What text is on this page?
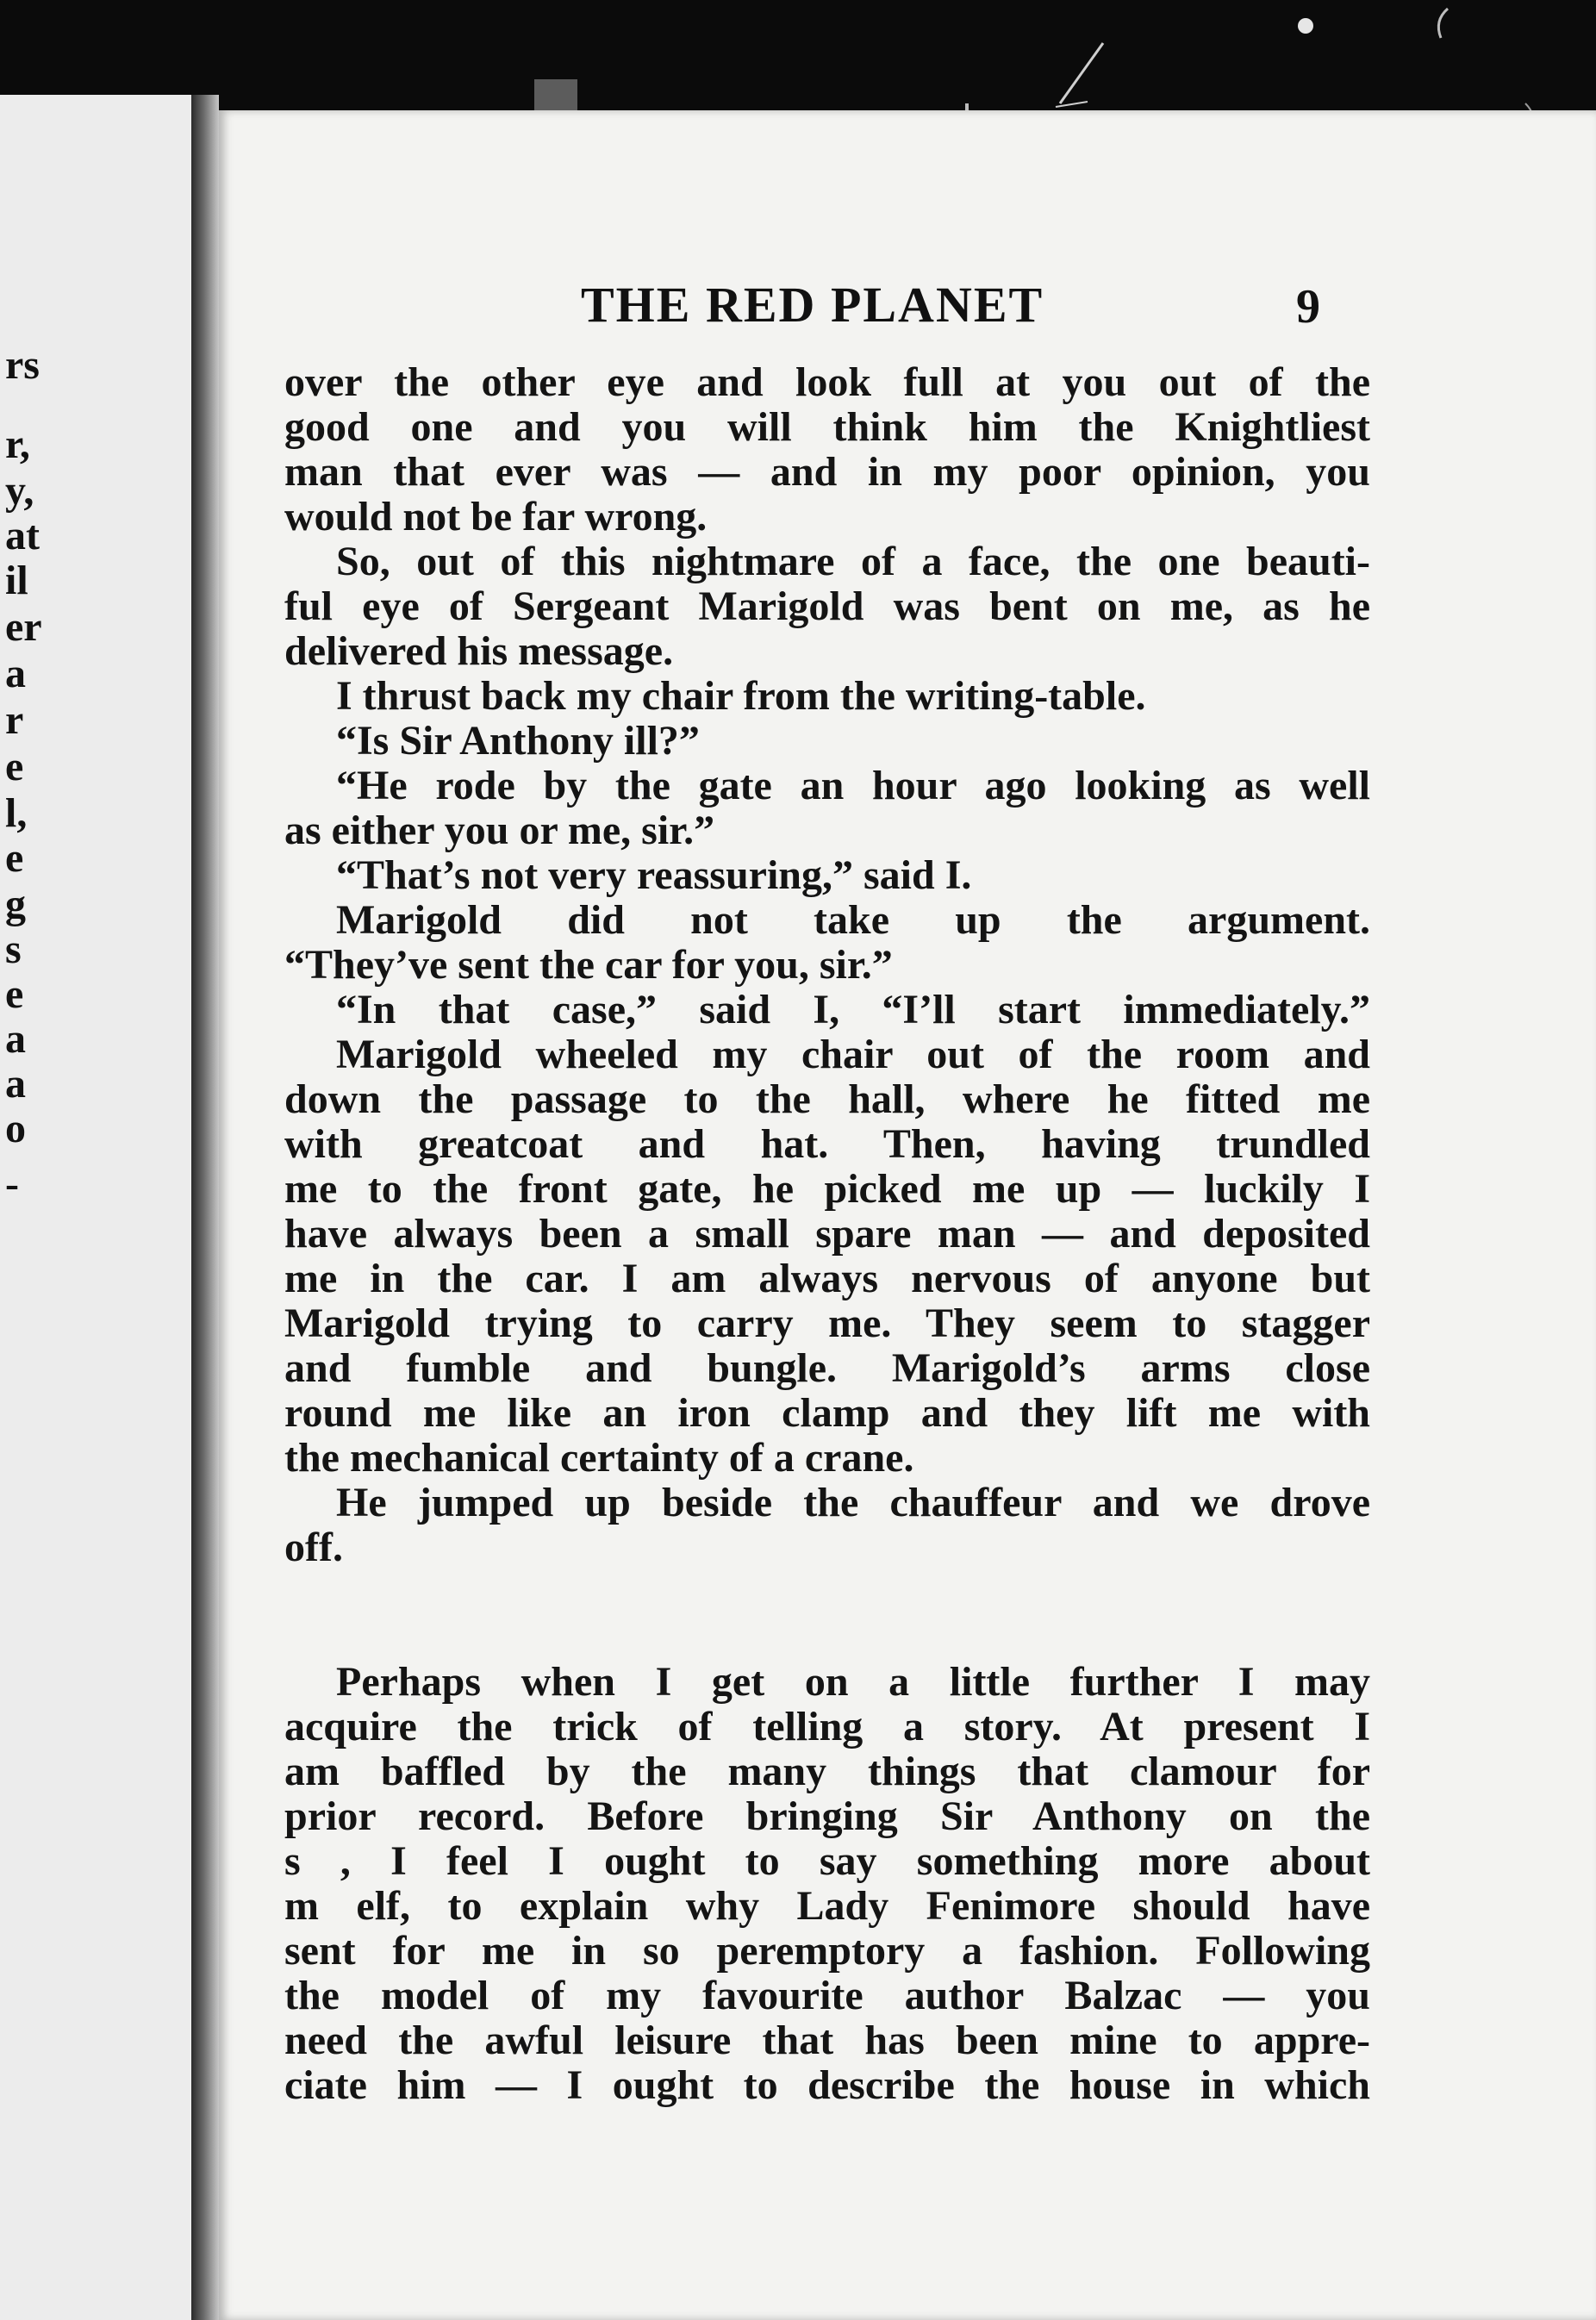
rs
r,
y,
at
il
er
a
r
e
l,
e
g
s
e
a
a
o
-
THE RED PLANET	9
over the other eye and look full at you out of the
good one and you will think him the Knightliest
man that ever was — and in my poor opinion, you
would not be far wrong.
So, out of this nightmare of a face, the one beauti-
ful eye of Sergeant Marigold was bent on me, as he
delivered his message.
I thrust back my chair from the writing-table.
“Is Sir Anthony ill?”
“He rode by the gate an hour ago looking as well
as either you or me, sir.”
“That’s not very reassuring,” said I.
Marigold did not take up the argument.
“They’ve sent the car for you, sir.”
“In that case,” said I, “I’ll start immediately.”
Marigold wheeled my chair out of the room and
down the passage to the hall, where he fitted me
with greatcoat and hat. Then, having trundled
me to the front gate, he picked me up — luckily I
have always been a small spare man — and deposited
me in the car. I am always nervous of anyone but
Marigold trying to carry me. They seem to stagger
and fumble and bungle. Marigold’s arms close
round me like an iron clamp and they lift me with
the mechanical certainty of a crane.
He jumped up beside the chauffeur and we drove
off.
Perhaps when I get on a little further I may
acquire the trick of telling a story. At present I
am baffled by the many things that clamour for
prior record. Before bringing Sir Anthony on the
s , I feel I ought to say something more about
m elf, to explain why Lady Fenimore should have
sent for me in so peremptory a fashion. Following
the model of my favourite author Balzac — you
need the awful leisure that has been mine to appre-
ciate him — I ought to describe the house in which
